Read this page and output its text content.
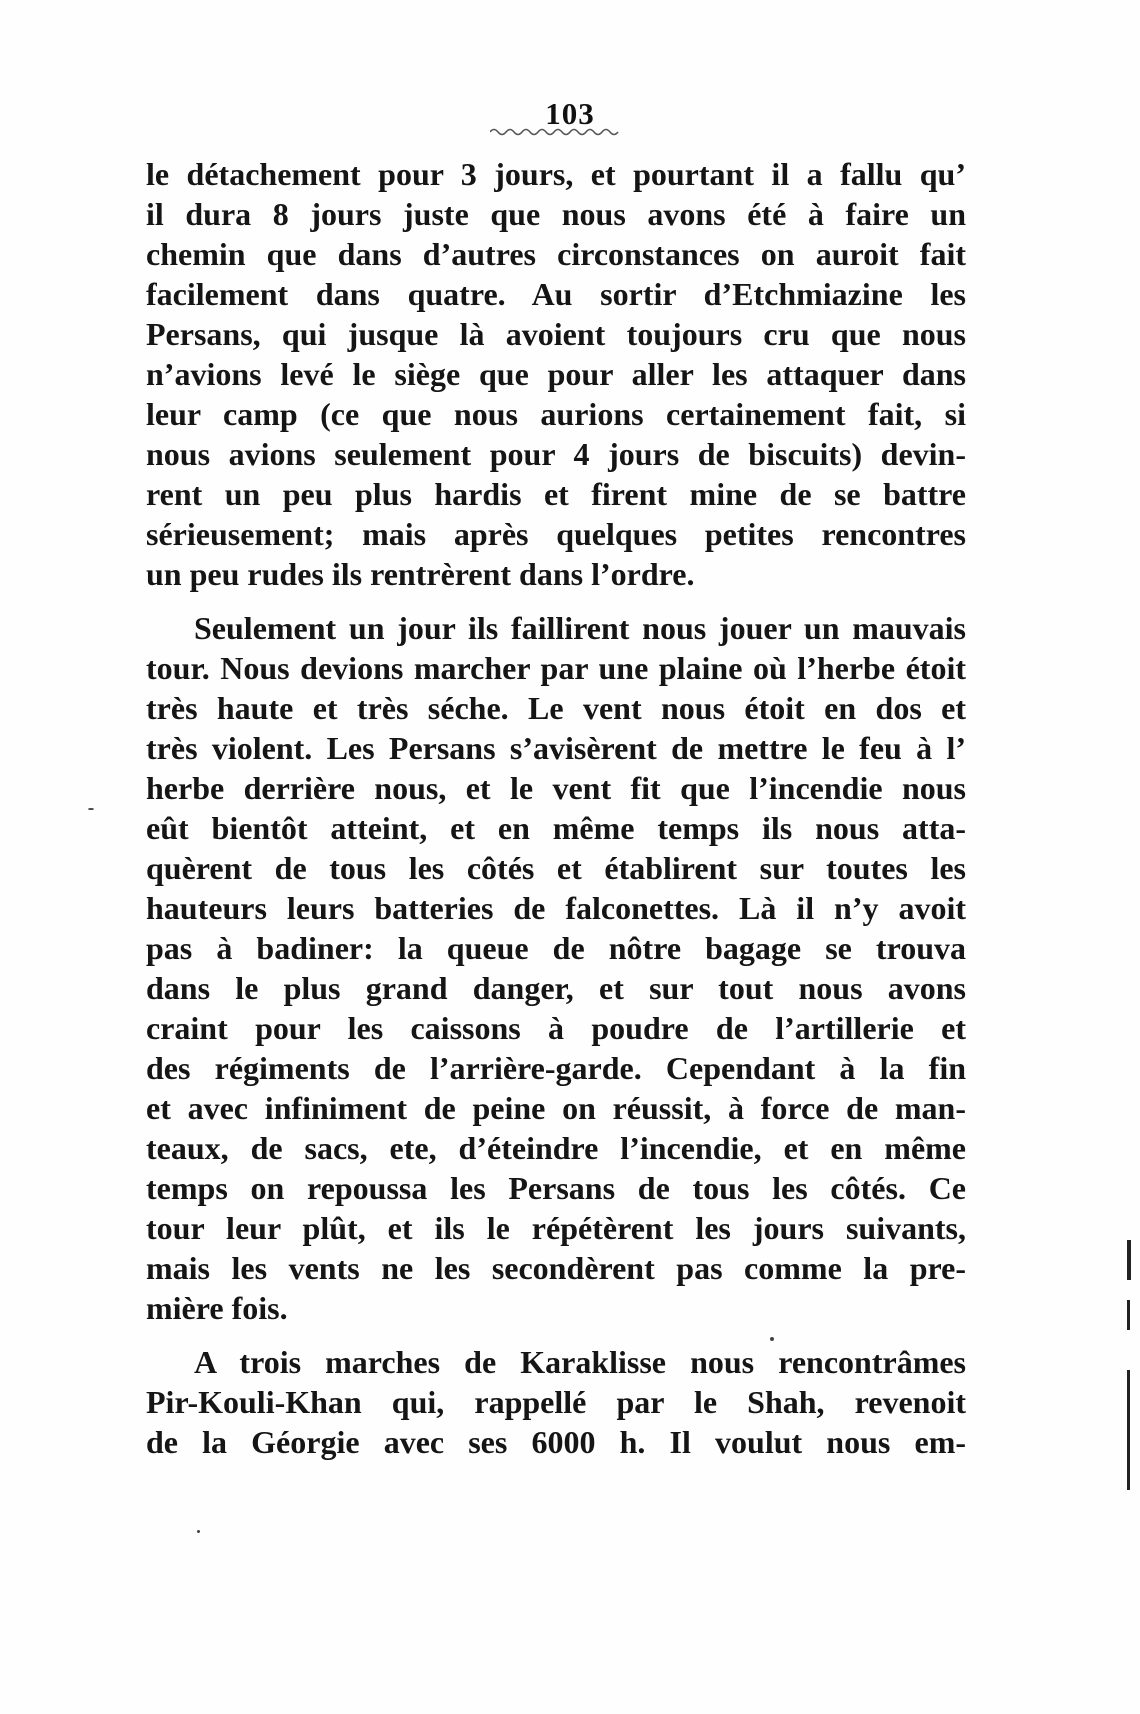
103
le détachement pour 3 jours, et pourtant il a fallu qu’
il dura 8 jours juste que nous avons été à faire un
chemin que dans d’autres circonstances on auroit fait
facilement dans quatre. Au sortir d’Etchmiazine les
Persans, qui jusque là avoient toujours cru que nous
n’avions levé le siège que pour aller les attaquer dans
leur camp (ce que nous aurions certainement fait, si
nous avions seulement pour 4 jours de biscuits) devin-
rent un peu plus hardis et firent mine de se battre
sérieusement; mais après quelques petites rencontres
un peu rudes ils rentrèrent dans l’ordre.
Seulement un jour ils faillirent nous jouer un mauvais
tour. Nous devions marcher par une plaine où l’herbe étoit
très haute et très séche. Le vent nous étoit en dos et
très violent. Les Persans s’avisèrent de mettre le feu à l’
herbe derrière nous, et le vent fit que l’incendie nous
eût bientôt atteint, et en même temps ils nous atta-
quèrent de tous les côtés et établirent sur toutes les
hauteurs leurs batteries de falconettes. Là il n’y avoit
pas à badiner: la queue de nôtre bagage se trouva
dans le plus grand danger, et sur tout nous avons
craint pour les caissons à poudre de l’artillerie et
des régiments de l’arrière-garde. Cependant à la fin
et avec infiniment de peine on réussit, à force de man-
teaux, de sacs, ete, d’éteindre l’incendie, et en même
temps on repoussa les Persans de tous les côtés. Ce
tour leur plût, et ils le répétèrent les jours suivants,
mais les vents ne les secondèrent pas comme la pre-
mière fois.
A trois marches de Karaklisse nous rencontrâmes
Pir-Kouli-Khan qui, rappellé par le Shah, revenoit
de la Géorgie avec ses 6000 h. Il voulut nous em-
